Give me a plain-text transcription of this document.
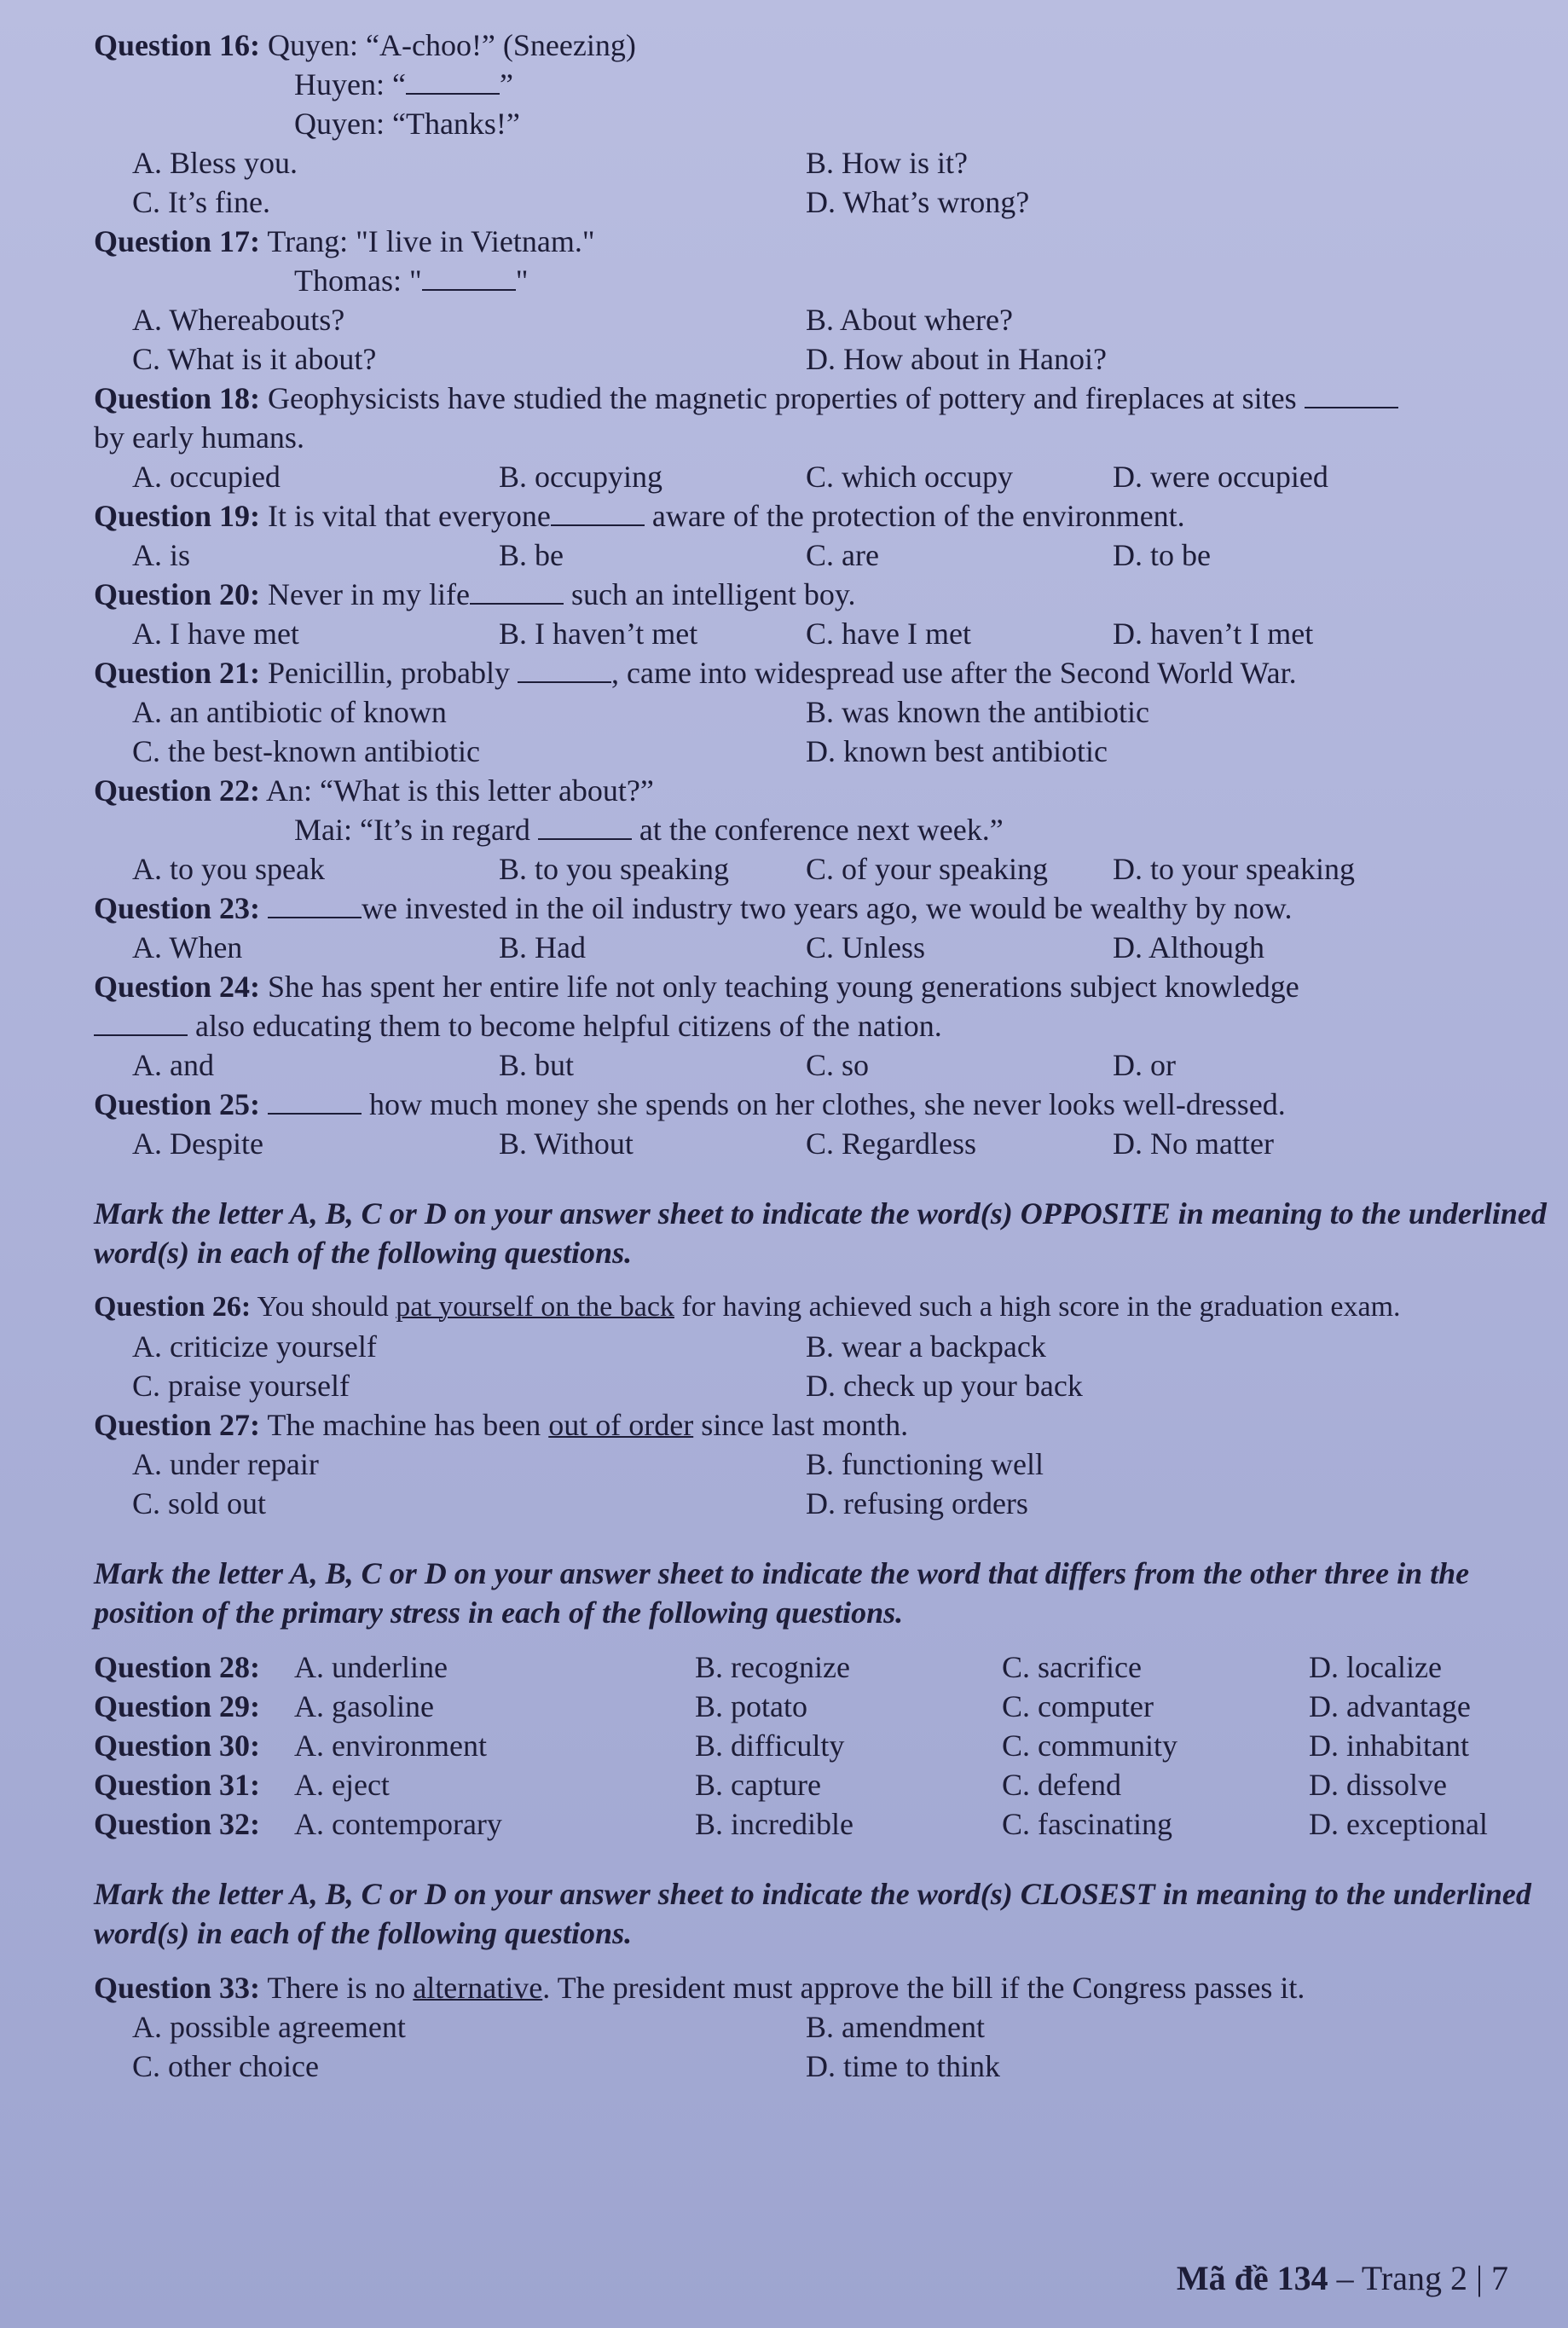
Question 16: Quyen: “A-choo!” (Sneezing)
Huyen: “	”
Quyen: “Thanks!”
A. Bless you.	B. How is it?
C. It’s fine.	D. What’s wrong?
Question 17: Trang: "I live in Vietnam."
Thomas: "	"
A. Whereabouts?	B. About where?
C. What is it about?	D. How about in Hanoi?
Question 18: Geophysicists have studied the magnetic properties of pottery and fireplaces at sites
by early humans.
A. occupied	B. occupying	C. which occupy	D. were occupied
Question 19: It is vital that everyone	aware of the protection of the environment.
A. is	B. be	C. are	D. to be
Question 20: Never in my life	such an intelligent boy.
A. I have met	B. I haven’t met	C. have I met	D. haven’t I met
Question 21: Penicillin, probably	, came into widespread use after the Second World War.
A. an antibiotic of known	B. was known the antibiotic
C. the best-known antibiotic	D. known best antibiotic
Question 22: An: “What is this letter about?”
Mai: “It’s in regard	at the conference next week.”
A. to you speak	B. to you speaking	C. of your speaking	D. to your speaking
Question 23:	we invested in the oil industry two years ago, we would be wealthy by now.
A. When	B. Had	C. Unless	D. Although
Question 24: She has spent her entire life not only teaching young generations subject knowledge
also educating them to become helpful citizens of the nation.
A. and	B. but	C. so	D. or
Question 25:	how much money she spends on her clothes, she never looks well-dressed.
A. Despite	B. Without	C. Regardless	D. No matter
Mark the letter A, B, C or D on your answer sheet to indicate the word(s) OPPOSITE in meaning to the underlined word(s) in each of the following questions.
Question 26: You should pat yourself on the back for having achieved such a high score in the graduation exam.
A. criticize yourself	B. wear a backpack
C. praise yourself	D. check up your back
Question 27: The machine has been out of order since last month.
A. under repair	B. functioning well
C. sold out	D. refusing orders
Mark the letter A, B, C or D on your answer sheet to indicate the word that differs from the other three in the position of the primary stress in each of the following questions.
Question 28:	A. underline	B. recognize	C. sacrifice	D. localize
Question 29:	A. gasoline	B. potato	C. computer	D. advantage
Question 30:	A. environment	B. difficulty	C. community	D. inhabitant
Question 31:	A. eject	B. capture	C. defend	D. dissolve
Question 32:	A. contemporary	B. incredible	C. fascinating	D. exceptional
Mark the letter A, B, C or D on your answer sheet to indicate the word(s) CLOSEST in meaning to the underlined word(s) in each of the following questions.
Question 33: There is no alternative. The president must approve the bill if the Congress passes it.
A. possible agreement	B. amendment
C. other choice	D. time to think
Mã đề 134 – Trang 2 | 7
